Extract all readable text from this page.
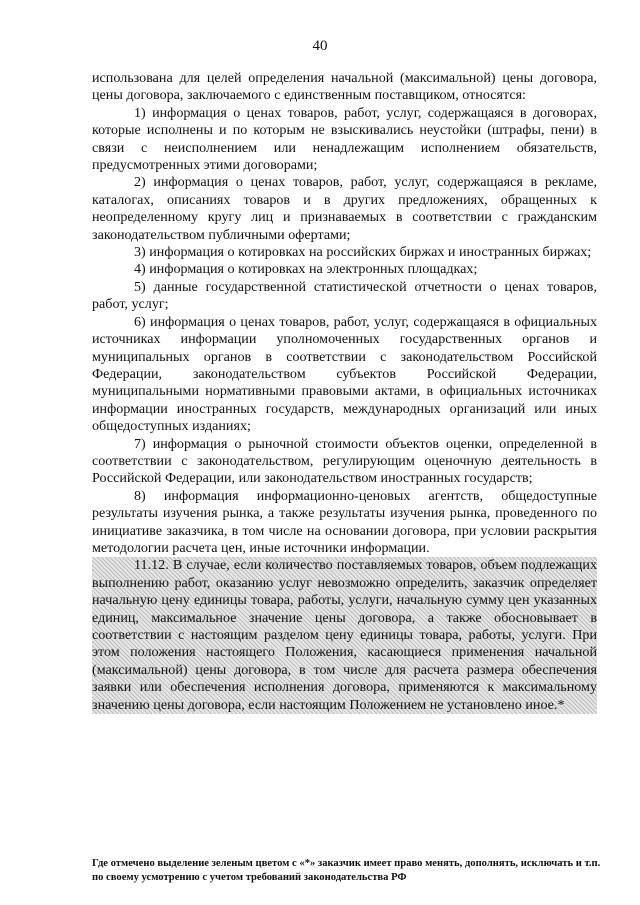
40

использована для целей определения начальной (максимальной) цены договора, цены договора, заключаемого с единственным поставщиком, относятся:

1) информация о ценах товаров, работ, услуг, содержащаяся в договорах, которые исполнены и по которым не взыскивались неустойки (штрафы, пени) в связи с неисполнением или ненадлежащим исполнением обязательств, предусмотренных этими договорами;

2) информация о ценах товаров, работ, услуг, содержащаяся в рекламе, каталогах, описаниях товаров и в других предложениях, обращенных к неопределенному кругу лиц и признаваемых в соответствии с гражданским законодательством публичными офертами;

3) информация о котировках на российских биржах и иностранных биржах;

4) информация о котировках на электронных площадках;

5) данные государственной статистической отчетности о ценах товаров, работ, услуг;

6) информация о ценах товаров, работ, услуг, содержащаяся в официальных источниках информации уполномоченных государственных органов и муниципальных органов в соответствии с законодательством Российской Федерации, законодательством субъектов Российской Федерации, муниципальными нормативными правовыми актами, в официальных источниках информации иностранных государств, международных организаций или иных общедоступных изданиях;

7) информация о рыночной стоимости объектов оценки, определенной в соответствии с законодательством, регулирующим оценочную деятельность в Российской Федерации, или законодательством иностранных государств;

8) информация информационно-ценовых агентств, общедоступные результаты изучения рынка, а также результаты изучения рынка, проведенного по инициативе заказчика, в том числе на основании договора, при условии раскрытия методологии расчета цен, иные источники информации.

11.12. В случае, если количество поставляемых товаров, объем подлежащих выполнению работ, оказанию услуг невозможно определить, заказчик определяет начальную цену единицы товара, работы, услуги, начальную сумму цен указанных единиц, максимальное значение цены договора, а также обосновывает в соответствии с настоящим разделом цену единицы товара, работы, услуги. При этом положения настоящего Положения, касающиеся применения начальной (максимальной) цены договора, в том числе для расчета размера обеспечения заявки или обеспечения исполнения договора, применяются к максимальному значению цены договора, если настоящим Положением не установлено иное.*

Где отмечено выделение зеленым цветом с «*» заказчик имеет право менять, дополнять, исключать и т.п. по своему усмотрению с учетом требований законодательства РФ
